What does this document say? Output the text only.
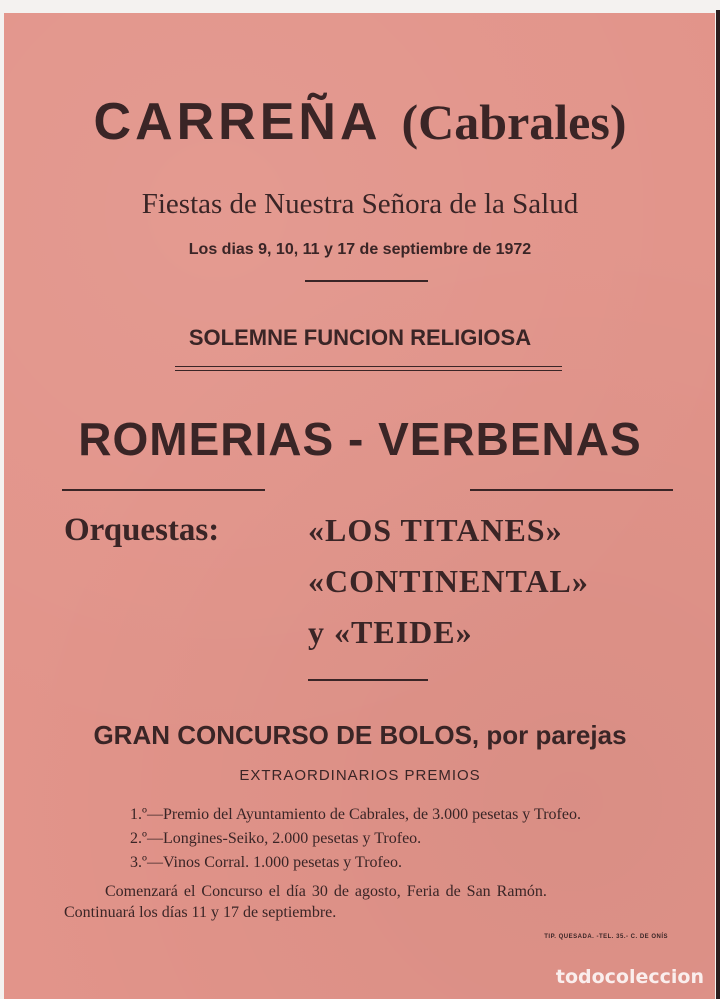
CARREÑA (Cabrales)
Fiestas de Nuestra Señora de la Salud
Los dias 9, 10, 11 y 17 de septiembre de 1972
SOLEMNE FUNCION RELIGIOSA
ROMERIAS - VERBENAS
Orquestas:	«LOS TITANES»
«CONTINENTAL»
y «TEIDE»
GRAN CONCURSO DE BOLOS, por parejas
EXTRAORDINARIOS PREMIOS
1.º—Premio del Ayuntamiento de Cabrales, de 3.000 pesetas y Trofeo.
2.º—Longines-Seiko, 2.000 pesetas y Trofeo.
3.º—Vinos Corral. 1.000 pesetas y Trofeo.
Comenzará el Concurso el día 30 de agosto, Feria de San Ramón.
Continuará los días 11 y 17 de septiembre.
TIP. QUESADA. -TEL. 35.- C. DE ONÍS
todocoleccion
